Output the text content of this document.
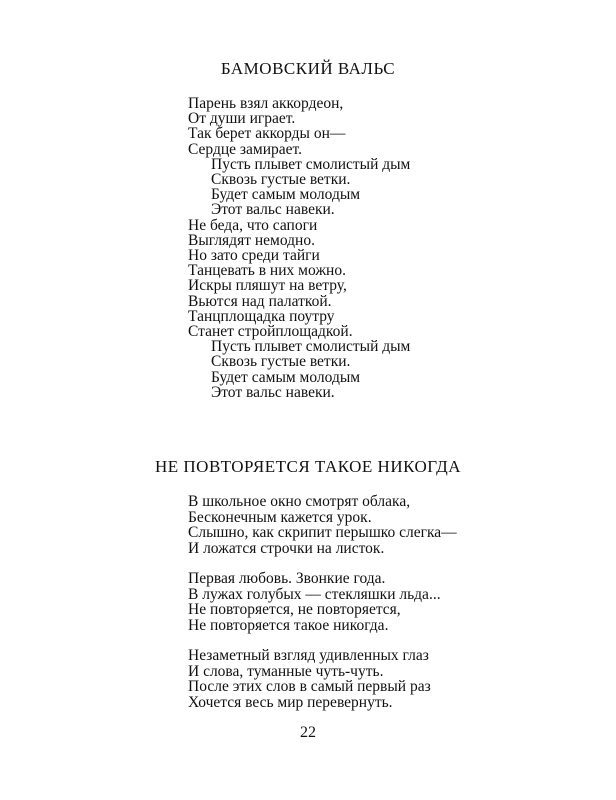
БАМОВСКИЙ ВАЛЬС
Парень взял аккордеон,
От души играет.
Так берет аккорды он—
Сердце замирает.
Пусть плывет смолистый дым
Сквозь густые ветки.
Будет самым молодым
Этот вальс навеки.
Не беда, что сапоги
Выглядят немодно.
Но зато среди тайги
Танцевать в них можно.
Искры пляшут на ветру,
Вьются над палаткой.
Танцплощадка поутру
Станет стройплощадкой.
Пусть плывет смолистый дым
Сквозь густые ветки.
Будет самым молодым
Этот вальс навеки.
НЕ ПОВТОРЯЕТСЯ ТАКОЕ НИКОГДА
В школьное окно смотрят облака,
Бесконечным кажется урок.
Слышно, как скрипит перышко слегка—
И ложатся строчки на листок.
Первая любовь. Звонкие года.
В лужах голубых — стекляшки льда...
Не повторяется, не повторяется,
Не повторяется такое никогда.
Незаметный взгляд удивленных глаз
И слова, туманные чуть-чуть.
После этих слов в самый первый раз
Хочется весь мир перевернуть.
22
